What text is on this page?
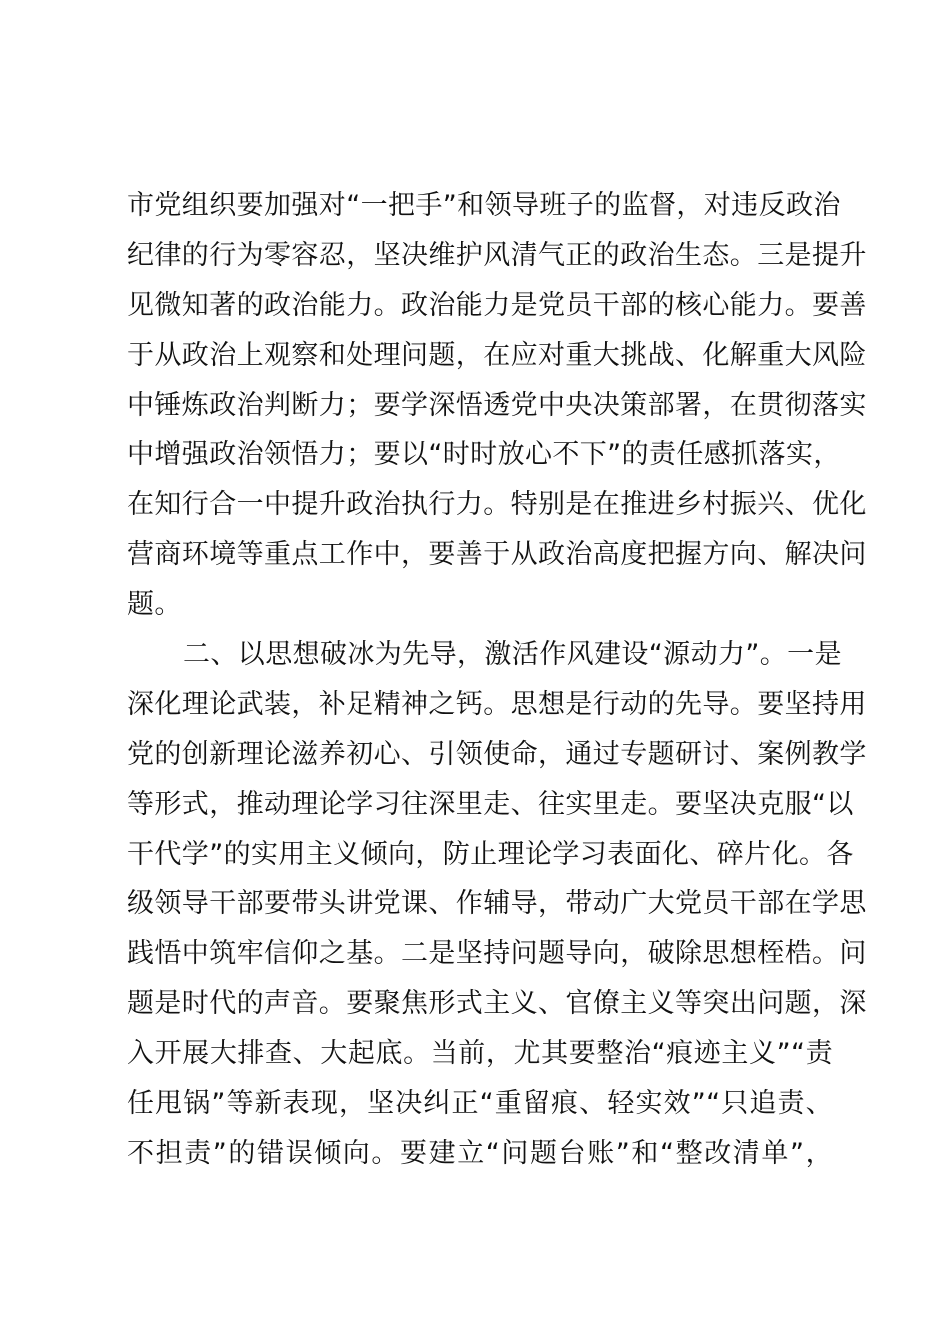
市党组织要加强对“一把手”和领导班子的监督，对违反政治
纪律的行为零容忍，坚决维护风清气正的政治生态。三是提升
见微知著的政治能力。政治能力是党员干部的核心能力。要善
于从政治上观察和处理问题，在应对重大挑战、化解重大风险
中锤炼政治判断力；要学深悟透党中央决策部署，在贯彻落实
中增强政治领悟力；要以“时时放心不下”的责任感抓落实，
在知行合一中提升政治执行力。特别是在推进乡村振兴、优化
营商环境等重点工作中，要善于从政治高度把握方向、解决问
题。
二、以思想破冰为先导，激活作风建设“源动力”。一是
深化理论武装，补足精神之钙。思想是行动的先导。要坚持用
党的创新理论滋养初心、引领使命，通过专题研讨、案例教学
等形式，推动理论学习往深里走、往实里走。要坚决克服“以
干代学”的实用主义倾向，防止理论学习表面化、碎片化。各
级领导干部要带头讲党课、作辅导，带动广大党员干部在学思
践悟中筑牢信仰之基。二是坚持问题导向，破除思想桎梏。问
题是时代的声音。要聚焦形式主义、官僚主义等突出问题，深
入开展大排查、大起底。当前，尤其要整治“痕迹主义”“责
任甩锅”等新表现，坚决纠正“重留痕、轻实效”“只追责、
不担责”的错误倾向。要建立“问题台账”和“整改清单”，
